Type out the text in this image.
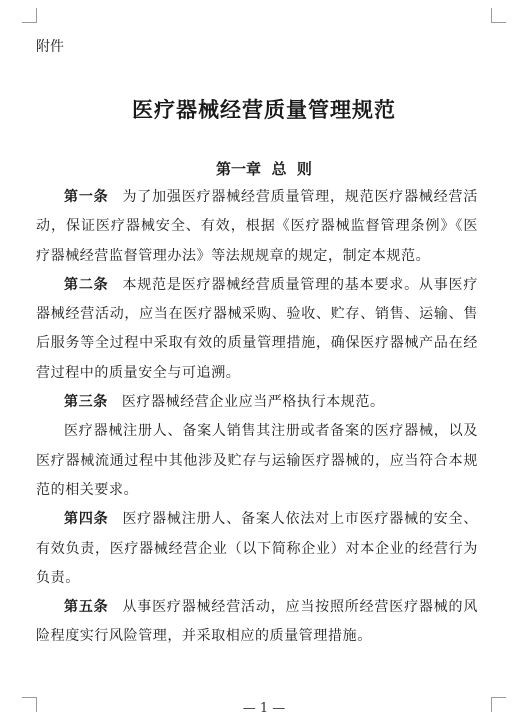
附件

医疗器械经营质量管理规范
第一章  总  则

第一条 为了加强医疗器械经营质量管理，规范医疗器械经营活动，保证医疗器械安全、有效，根据《医疗器械监督管理条例》《医疗器械经营监督管理办法》等法规规章的规定，制定本规范。

第二条 本规范是医疗器械经营质量管理的基本要求。从事医疗器械经营活动，应当在医疗器械采购、验收、贮存、销售、运输、售后服务等全过程中采取有效的质量管理措施，确保医疗器械产品在经营过程中的质量安全与可追溯。

第三条 医疗器械经营企业应当严格执行本规范。

医疗器械注册人、备案人销售其注册或者备案的医疗器械，以及医疗器械流通过程中其他涉及贮存与运输医疗器械的，应当符合本规范的相关要求。

第四条 医疗器械注册人、备案人依法对上市医疗器械的安全、有效负责，医疗器械经营企业（以下简称企业）对本企业的经营行为负责。

第五条 从事医疗器械经营活动，应当按照所经营医疗器械的风险程度实行风险管理，并采取相应的质量管理措施。

— 1 —
